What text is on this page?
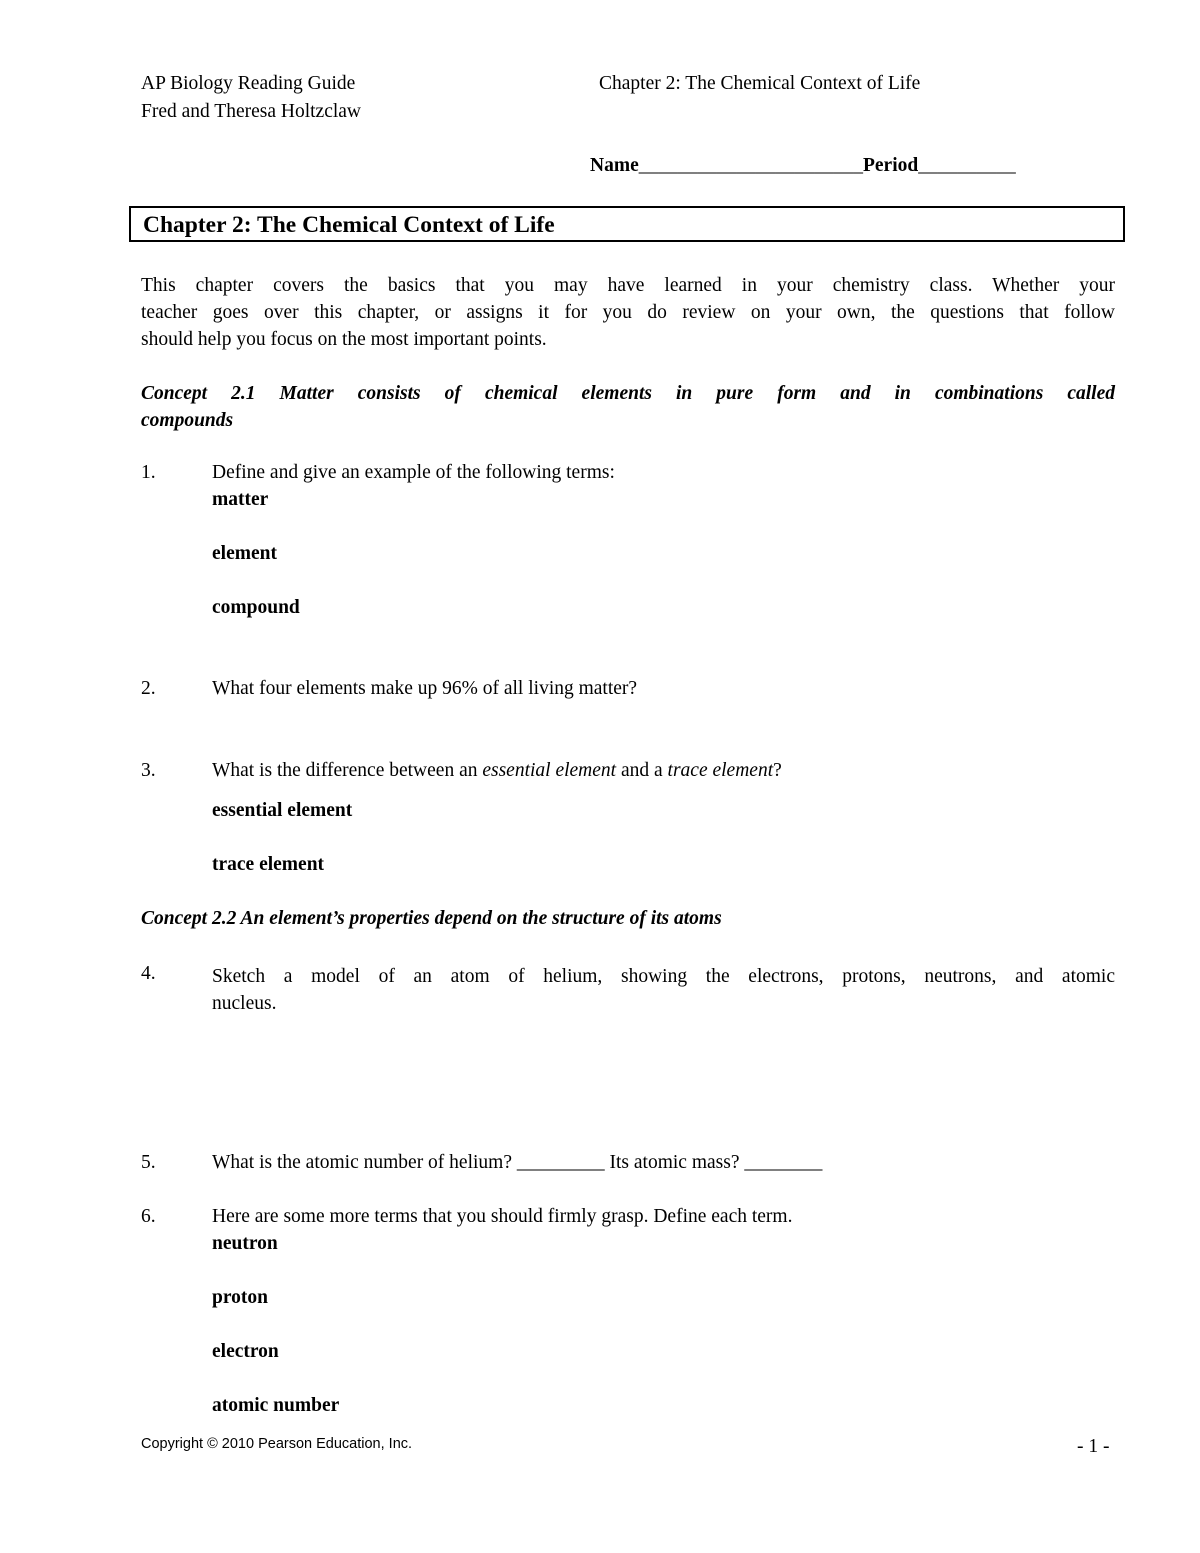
AP Biology Reading Guide
Fred and Theresa Holtzclaw
Chapter 2: The Chemical Context of Life
Name_______________________Period__________
Chapter 2: The Chemical Context of Life
This chapter covers the basics that you may have learned in your chemistry class. Whether your
teacher goes over this chapter, or assigns it for you do review on your own, the questions that follow
should help you focus on the most important points.
Concept 2.1 Matter consists of chemical elements in pure form and in combinations called
compounds
1.	Define and give an example of the following terms:
matter
element
compound
2.	What four elements make up 96% of all living matter?
3.	What is the difference between an essential element and a trace element?
essential element
trace element
Concept 2.2 An element’s properties depend on the structure of its atoms
4.	Sketch a model of an atom of helium, showing the electrons, protons, neutrons, and atomic
nucleus.
5.	What is the atomic number of helium? _________ Its atomic mass? ________
6.	Here are some more terms that you should firmly grasp. Define each term.
neutron
proton
electron
atomic number
Copyright © 2010 Pearson Education, Inc.	- 1 -
